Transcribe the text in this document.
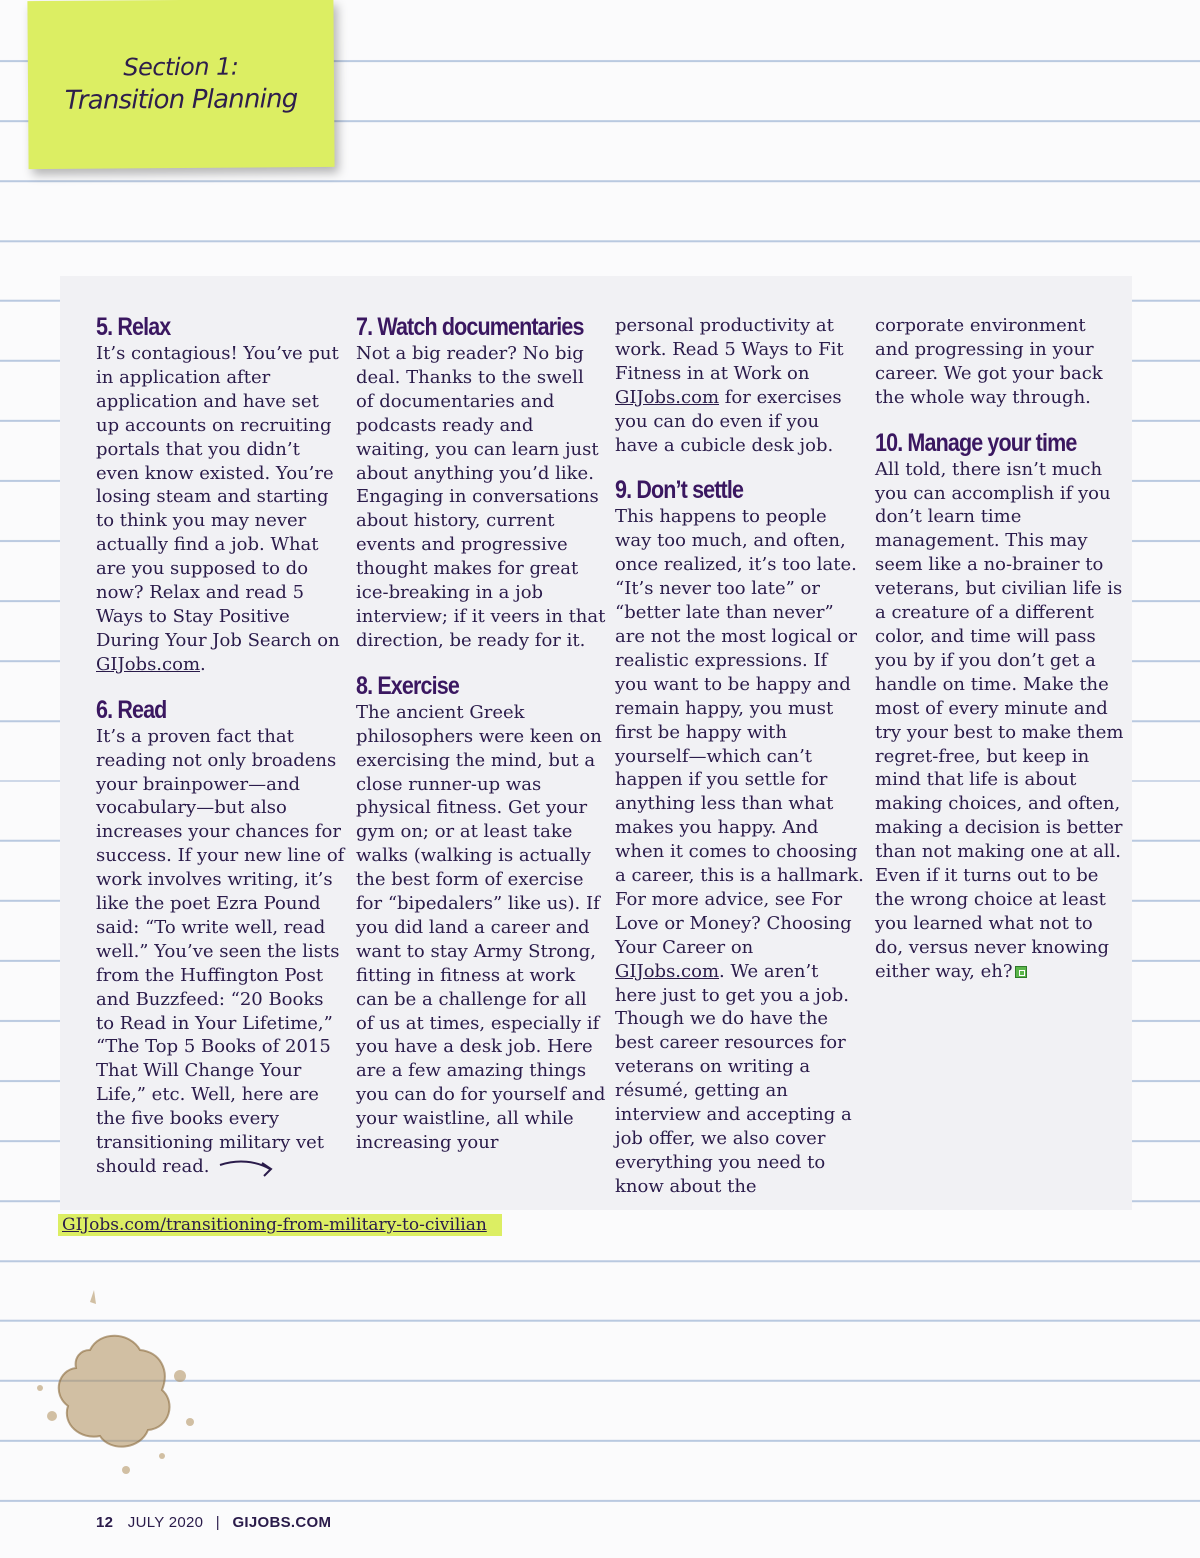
Section 1:
Transition Planning
5. Relax

It’s contagious! You’ve put in application after application and have set up accounts on recruiting portals that you didn’t even know existed. You’re losing steam and starting to think you may never actually find a job. What are you supposed to do now? Relax and read 5 Ways to Stay Positive During Your Job Search on GIJobs.com.

6. Read

It’s a proven fact that reading not only broadens your brainpower—and vocabulary—but also increases your chances for success. If your new line of work involves writing, it’s like the poet Ezra Pound said: “To write well, read well.” You’ve seen the lists from the Huffington Post and Buzzfeed: “20 Books to Read in Your Lifetime,” “The Top 5 Books of 2015 That Will Change Your Life,” etc. Well, here are the five books every transitioning military vet should read.

7. Watch documentaries

Not a big reader? No big deal. Thanks to the swell of documentaries and podcasts ready and waiting, you can learn just about anything you’d like. Engaging in conversations about history, current events and progressive thought makes for great ice-breaking in a job interview; if it veers in that direction, be ready for it.

8. Exercise

The ancient Greek philosophers were keen on exercising the mind, but a close runner-up was physical fitness. Get your gym on; or at least take walks (walking is actually the best form of exercise for “bipedalers” like us). If you did land a career and want to stay Army Strong, fitting in fitness at work can be a challenge for all of us at times, especially if you have a desk job. Here are a few amazing things you can do for yourself and your waistline, all while increasing your

personal productivity at work. Read 5 Ways to Fit Fitness in at Work on GIJobs.com for exercises you can do even if you have a cubicle desk job.

9. Don’t settle

This happens to people way too much, and often, once realized, it’s too late. “It’s never too late” or “better late than never” are not the most logical or realistic expressions. If you want to be happy and remain happy, you must first be happy with yourself—which can’t happen if you settle for anything less than what makes you happy. And when it comes to choosing a career, this is a hallmark. For more advice, see For Love or Money? Choosing Your Career on GIJobs.com. We aren’t here just to get you a job. Though we do have the best career resources for veterans on writing a résumé, getting an interview and accepting a job offer, we also cover everything you need to know about the

corporate environment and progressing in your career. We got your back the whole way through.

10. Manage your time

All told, there isn’t much you can accomplish if you don’t learn time management. This may seem like a no-brainer to veterans, but civilian life is a creature of a different color, and time will pass you by if you don’t get a handle on time. Make the most of every minute and try your best to make them regret-free, but keep in mind that life is about making choices, and often, making a decision is better than not making one at all. Even if it turns out to be the wrong choice at least you learned what not to do, versus never knowing either way, eh?

GIJobs.com/transitioning-from-military-to-civilian
12 JULY 2020 | GIJOBS.COM
